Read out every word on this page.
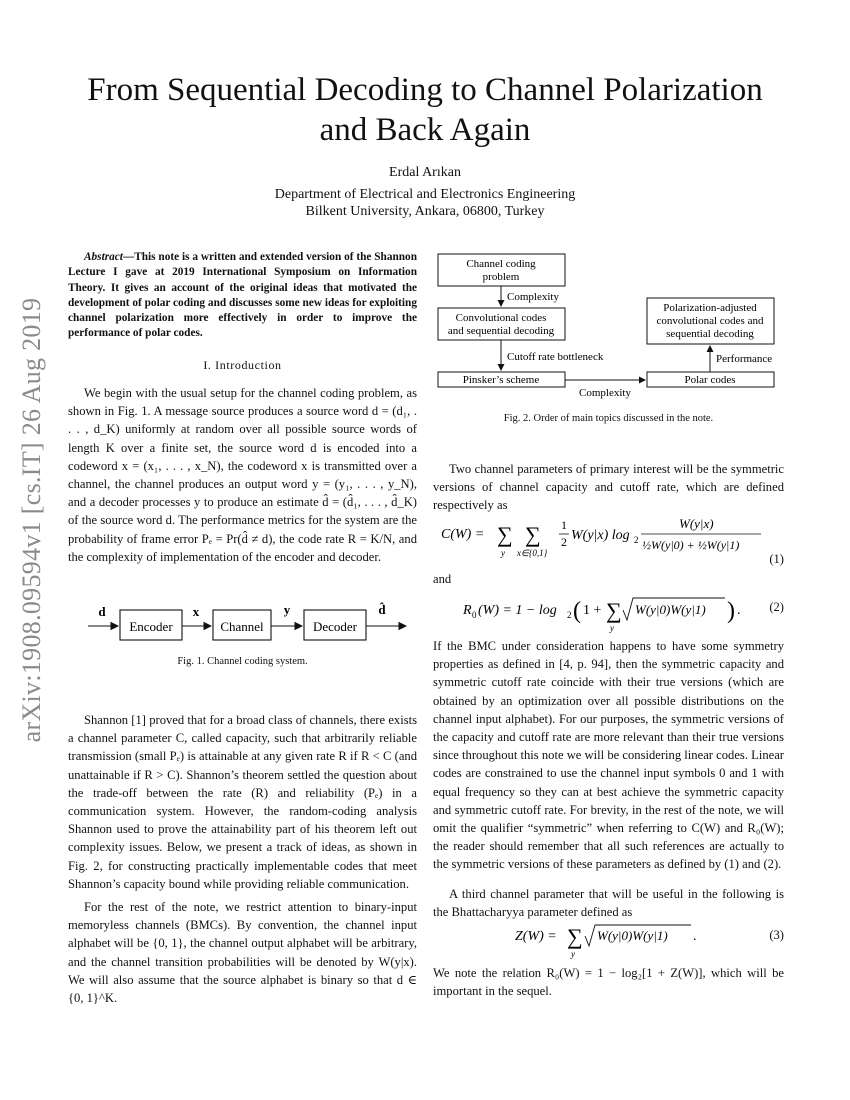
From Sequential Decoding to Channel Polarization
and Back Again
Erdal Arıkan
Department of Electrical and Electronics Engineering
Bilkent University, Ankara, 06800, Turkey
arXiv:1908.09594v1 [cs.IT] 26 Aug 2019

Abstract—This note is a written and extended version of the Shannon Lecture I gave at 2019 International Symposium on Information Theory. It gives an account of the original ideas that motivated the development of polar coding and discusses some new ideas for exploiting channel polarization more effectively in order to improve the performance of polar codes.

I. Introduction

We begin with the usual setup for the channel coding problem, as shown in Fig. 1. A message source produces a source word d = (d₁, . . . , d_K) uniformly at random over all possible source words of length K over a finite set, the source word d is encoded into a codeword x = (x₁, . . . , x_N), the codeword x is transmitted over a channel, the channel produces an output word y = (y₁, . . . , y_N), and a decoder processes y to produce an estimate d̂ = (d̂₁, . . . , d̂_K) of the source word d. The performance metrics for the system are the probability of frame error Pₑ = Pr(d̂ ≠ d), the code rate R = K/N, and the complexity of implementation of the encoder and decoder.

Encoder	Channel	Decoder
d	x	y	d̂
Fig. 1. Channel coding system.

Shannon [1] proved that for a broad class of channels, there exists a channel parameter C, called capacity, such that arbitrarily reliable transmission (small Pₑ) is attainable at any given rate R if R < C (and unattainable if R > C). Shannon’s theorem settled the question about the trade-off between the rate (R) and reliability (Pₑ) in a communication system. However, the random-coding analysis Shannon used to prove the attainability part of his theorem left out complexity issues. Below, we present a track of ideas, as shown in Fig. 2, for constructing practically implementable codes that meet Shannon’s capacity bound while providing reliable communication.

For the rest of the note, we restrict attention to binary-input memoryless channels (BMCs). By convention, the channel input alphabet will be {0, 1}, the channel output alphabet will be arbitrary, and the channel transition probabilities will be denoted by W(y|x). We will also assume that the source alphabet is binary so that d ∈ {0, 1}^K.

Channel coding
problem
Complexity
Convolutional codes
and sequential decoding
Cutoff rate bottleneck
Pinsker’s scheme
Complexity
Polar codes
Performance
Polarization-adjusted
convolutional codes and
sequential decoding
Fig. 2. Order of main topics discussed in the note.

Two channel parameters of primary interest will be the symmetric versions of channel capacity and cutoff rate, which are defined respectively as

C(W) = ∑
y
∑
x∈{0,1}
1
2 W(y|x) log 2
W(y|x)
½W(y|0) + ½W(y|1)
(1)
and
R 0 (W) = 1 − log 2 ( 1 + ∑
y
W(y|0)W(y|1) ) . (2)

If the BMC under consideration happens to have some symmetry properties as defined in [4, p. 94], then the symmetric capacity and symmetric cutoff rate coincide with their true versions (which are obtained by an optimization over all possible distributions on the channel input alphabet). For our purposes, the symmetric versions of the capacity and cutoff rate are more relevant than their true versions since throughout this note we will be considering linear codes. Linear codes are constrained to use the channel input symbols 0 and 1 with equal frequency so they can at best achieve the symmetric capacity and symmetric cutoff rate. For brevity, in the rest of the note, we will omit the qualifier “symmetric” when referring to C(W) and R₀(W); the reader should remember that all such references are actually to the symmetric versions of these parameters as defined by (1) and (2).

A third channel parameter that will be useful in the following is the Bhattacharyya parameter defined as

Z(W) = ∑
y
W(y|0)W(y|1) .	(3)

We note the relation R₀(W) = 1 − log₂[1 + Z(W)], which will be important in the sequel.
